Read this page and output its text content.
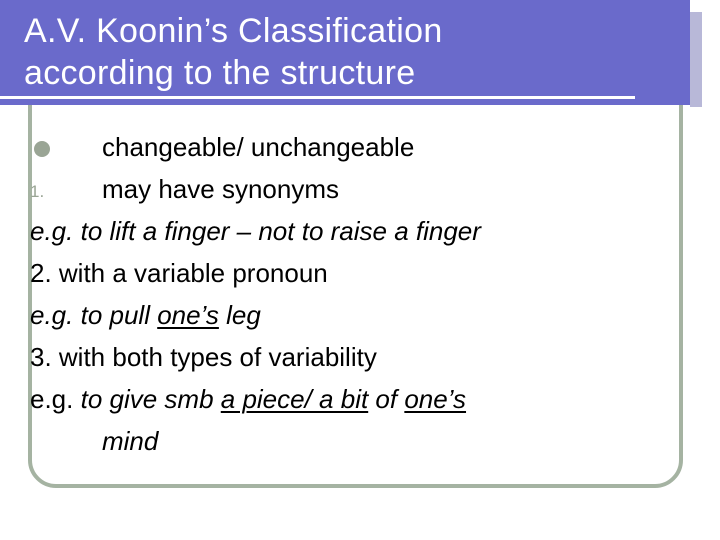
A.V. Koonin’s Classification
according to the structure
changeable/ unchangeable
1. may have synonyms
e.g. to lift a finger – not to raise a finger
2. with a variable pronoun
e.g. to pull one’s leg
3. with both types of variability
e.g. to give smb a piece/ a bit of one’s
mind
